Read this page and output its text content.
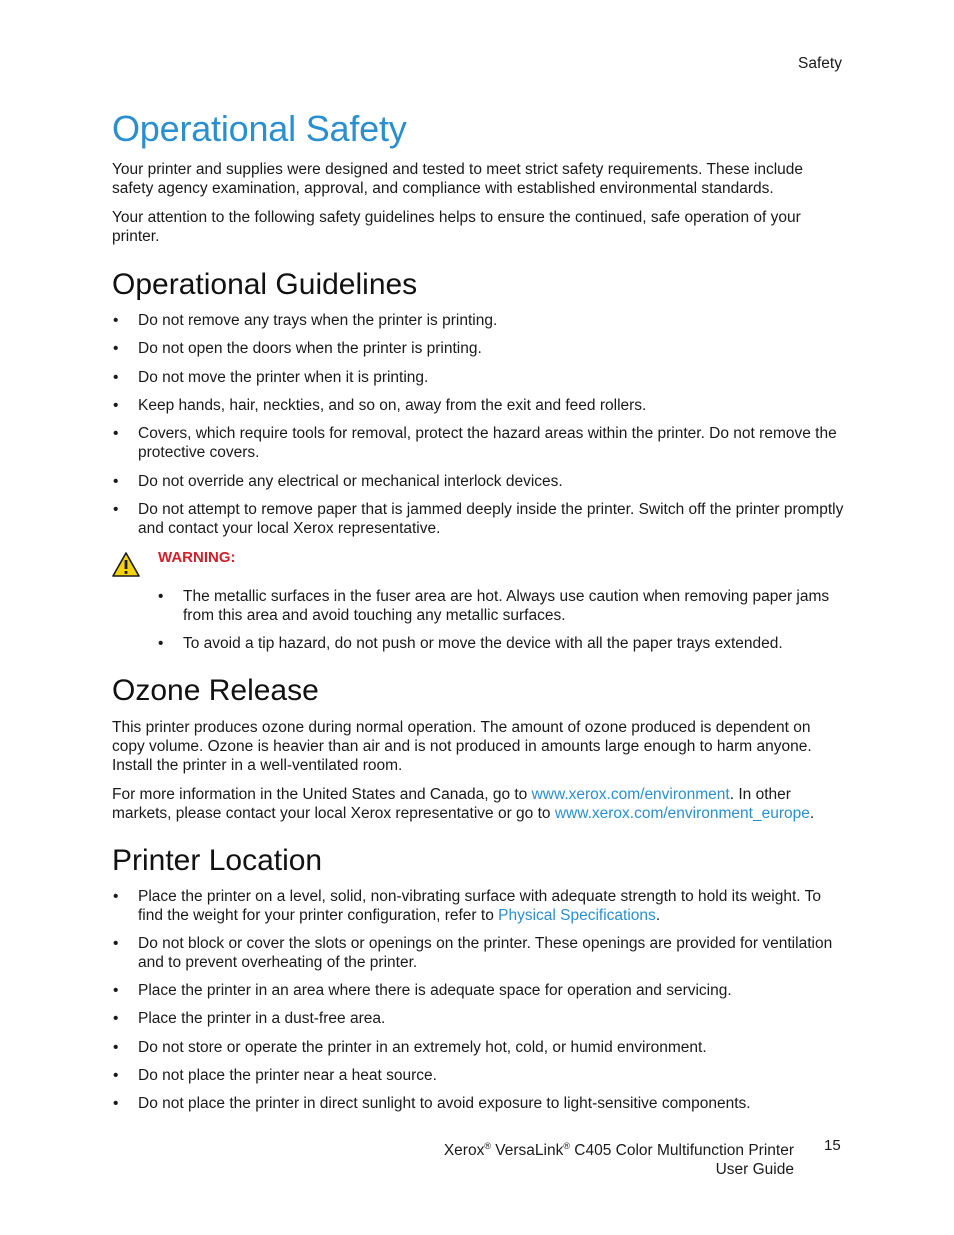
Safety
Operational Safety

Your printer and supplies were designed and tested to meet strict safety requirements. These include safety agency examination, approval, and compliance with established environmental standards.

Your attention to the following safety guidelines helps to ensure the continued, safe operation of your printer.

Operational Guidelines
• Do not remove any trays when the printer is printing.
• Do not open the doors when the printer is printing.
• Do not move the printer when it is printing.
• Keep hands, hair, neckties, and so on, away from the exit and feed rollers.
• Covers, which require tools for removal, protect the hazard areas within the printer. Do not remove the protective covers.
• Do not override any electrical or mechanical interlock devices.
• Do not attempt to remove paper that is jammed deeply inside the printer. Switch off the printer promptly and contact your local Xerox representative.
WARNING:
• The metallic surfaces in the fuser area are hot. Always use caution when removing paper jams from this area and avoid touching any metallic surfaces.
• To avoid a tip hazard, do not push or move the device with all the paper trays extended.
Ozone Release

This printer produces ozone during normal operation. The amount of ozone produced is dependent on copy volume. Ozone is heavier than air and is not produced in amounts large enough to harm anyone. Install the printer in a well-ventilated room.

For more information in the United States and Canada, go to www.xerox.com/environment. In other markets, please contact your local Xerox representative or go to www.xerox.com/environment_europe.

Printer Location
• Place the printer on a level, solid, non-vibrating surface with adequate strength to hold its weight. To find the weight for your printer configuration, refer to Physical Specifications.
• Do not block or cover the slots or openings on the printer. These openings are provided for ventilation and to prevent overheating of the printer.
• Place the printer in an area where there is adequate space for operation and servicing.
• Place the printer in a dust-free area.
• Do not store or operate the printer in an extremely hot, cold, or humid environment.
• Do not place the printer near a heat source.
• Do not place the printer in direct sunlight to avoid exposure to light-sensitive components.
Xerox® VersaLink® C405 Color Multifunction Printer
User Guide
15
